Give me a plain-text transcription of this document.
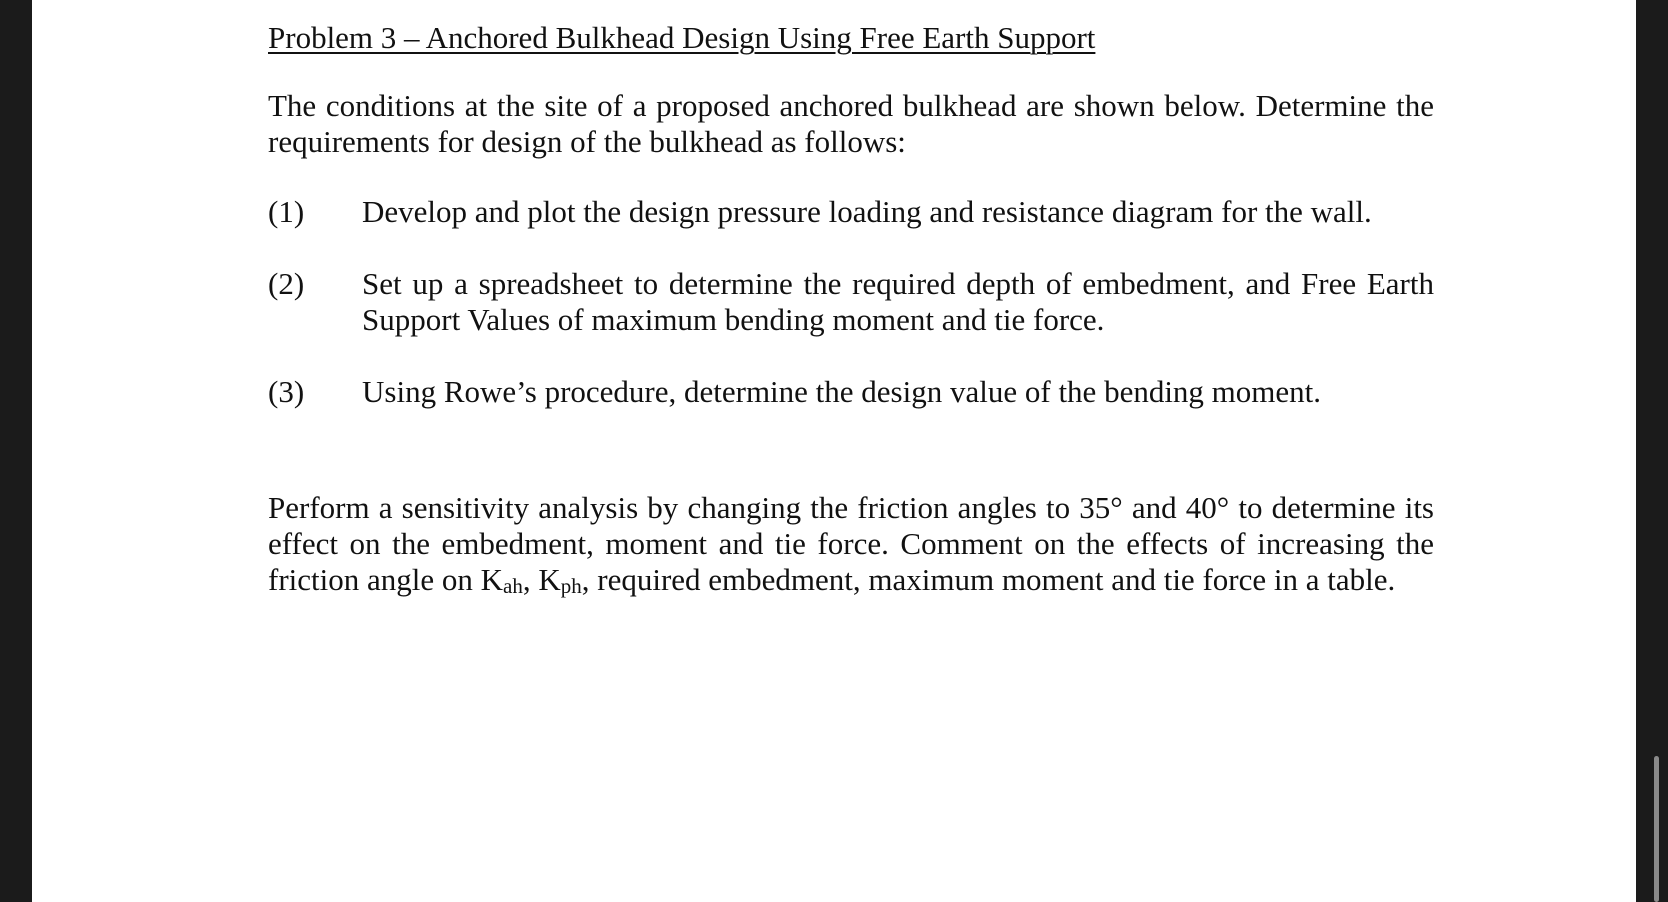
Problem 3 – Anchored Bulkhead Design Using Free Earth Support

The conditions at the site of a proposed anchored bulkhead are shown below. Determine the requirements for design of the bulkhead as follows:

(1)	Develop and plot the design pressure loading and resistance diagram for the wall.
(2)	Set up a spreadsheet to determine the required depth of embedment, and Free Earth Support Values of maximum bending moment and tie force.
(3)	Using Rowe’s procedure, determine the design value of the bending moment.

Perform a sensitivity analysis by changing the friction angles to 35° and 40° to determine its effect on the embedment, moment and tie force. Comment on the effects of increasing the friction angle on $K_{ah}$, $K_{ph}$, required embedment, maximum moment and tie force in a table.
